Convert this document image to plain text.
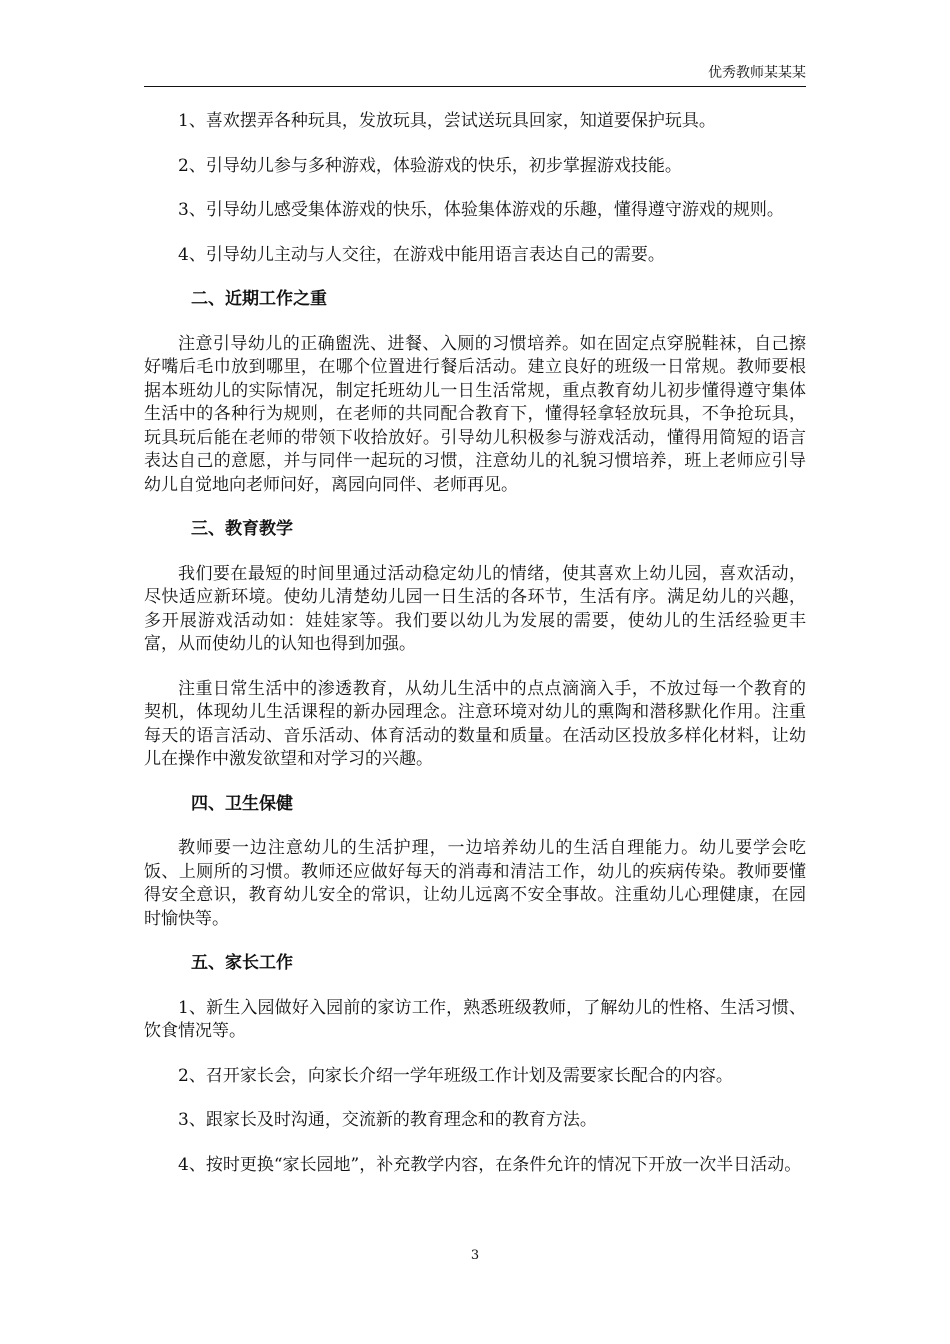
优秀教师某某某

1、喜欢摆弄各种玩具，发放玩具，尝试送玩具回家，知道要保护玩具。

2、引导幼儿参与多种游戏，体验游戏的快乐，初步掌握游戏技能。

3、引导幼儿感受集体游戏的快乐，体验集体游戏的乐趣，懂得遵守游戏的规则。

4、引导幼儿主动与人交往，在游戏中能用语言表达自己的需要。

二、近期工作之重

注意引导幼儿的正确盥洗、进餐、入厕的习惯培养。如在固定点穿脱鞋袜，自己擦好嘴后毛巾放到哪里，在哪个位置进行餐后活动。建立良好的班级一日常规。教师要根据本班幼儿的实际情况，制定托班幼儿一日生活常规，重点教育幼儿初步懂得遵守集体生活中的各种行为规则，在老师的共同配合教育下，懂得轻拿轻放玩具，不争抢玩具，玩具玩后能在老师的带领下收拾放好。引导幼儿积极参与游戏活动，懂得用简短的语言表达自己的意愿，并与同伴一起玩的习惯，注意幼儿的礼貌习惯培养，班上老师应引导幼儿自觉地向老师问好，离园向同伴、老师再见。

三、教育教学

我们要在最短的时间里通过活动稳定幼儿的情绪，使其喜欢上幼儿园，喜欢活动，尽快适应新环境。使幼儿清楚幼儿园一日生活的各环节，生活有序。满足幼儿的兴趣，多开展游戏活动如：娃娃家等。我们要以幼儿为发展的需要，使幼儿的生活经验更丰富，从而使幼儿的认知也得到加强。

注重日常生活中的渗透教育，从幼儿生活中的点点滴滴入手，不放过每一个教育的契机，体现幼儿生活课程的新办园理念。注意环境对幼儿的熏陶和潜移默化作用。注重每天的语言活动、音乐活动、体育活动的数量和质量。在活动区投放多样化材料，让幼儿在操作中激发欲望和对学习的兴趣。

四、卫生保健

教师要一边注意幼儿的生活护理，一边培养幼儿的生活自理能力。幼儿要学会吃饭、上厕所的习惯。教师还应做好每天的消毒和清洁工作，幼儿的疾病传染。教师要懂得安全意识，教育幼儿安全的常识，让幼儿远离不安全事故。注重幼儿心理健康，在园时愉快等。

五、家长工作

1、新生入园做好入园前的家访工作，熟悉班级教师，了解幼儿的性格、生活习惯、饮食情况等。

2、召开家长会，向家长介绍一学年班级工作计划及需要家长配合的内容。

3、跟家长及时沟通，交流新的教育理念和的教育方法。

4、按时更换“家长园地”，补充教学内容，在条件允许的情况下开放一次半日活动。

3
